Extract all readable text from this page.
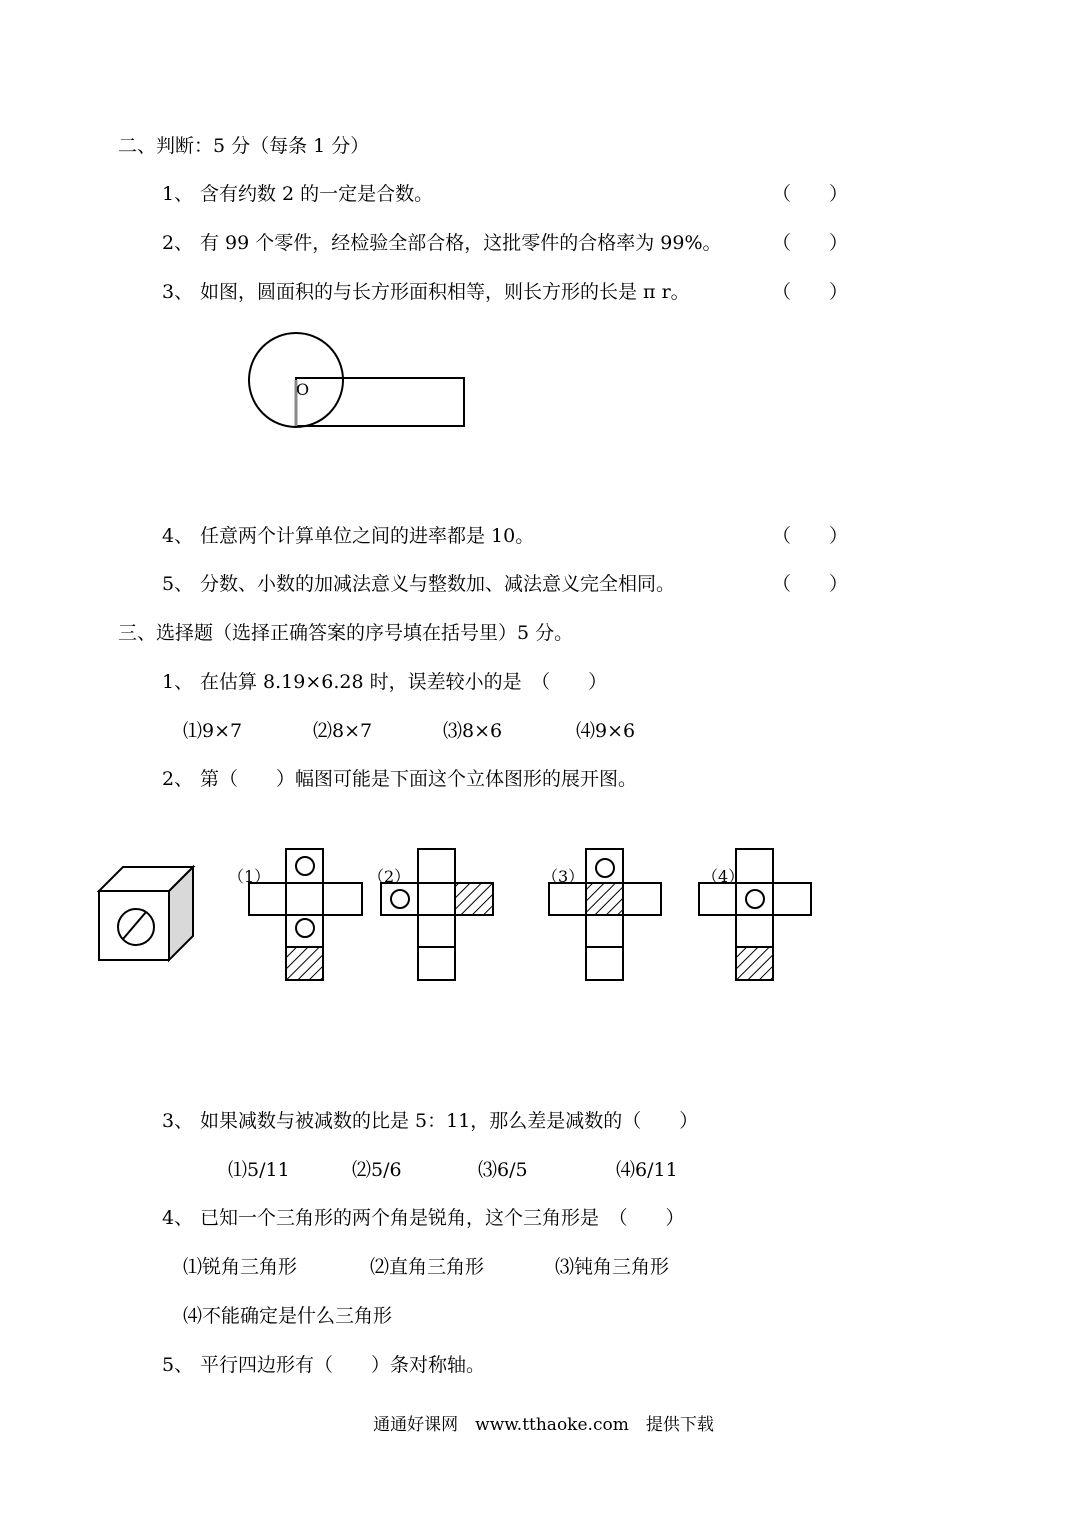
二、判断：5 分（每条 1 分）
1、 含有约数 2 的一定是合数。	（　　）
2、 有 99 个零件，经检验全部合格，这批零件的合格率为 99%。	（　　）
3、 如图，圆面积的与长方形面积相等，则长方形的长是 π r。	（　　）
O
4、 任意两个计算单位之间的进率都是 10。	（　　）
5、 分数、小数的加减法意义与整数加、减法意义完全相同。	（　　）
三、选择题（选择正确答案的序号填在括号里）5 分。
1、 在估算 8.19×6.28 时，误差较小的是　（　　）
⑴9×7	⑵8×7	⑶8×6	⑷9×6
2、 第（　　）幅图可能是下面这个立体图形的展开图。
（1）	（2）	（3）	（4）
3、 如果减数与被减数的比是 5：11，那么差是减数的（　　）
⑴5/11	⑵5/6	⑶6/5	⑷6/11
4、 已知一个三角形的两个角是锐角，这个三角形是　（　　）
⑴锐角三角形	⑵直角三角形	⑶钝角三角形
⑷不能确定是什么三角形
5、 平行四边形有（　　）条对称轴。
通通好课网　www.tthaoke.com　提供下载
